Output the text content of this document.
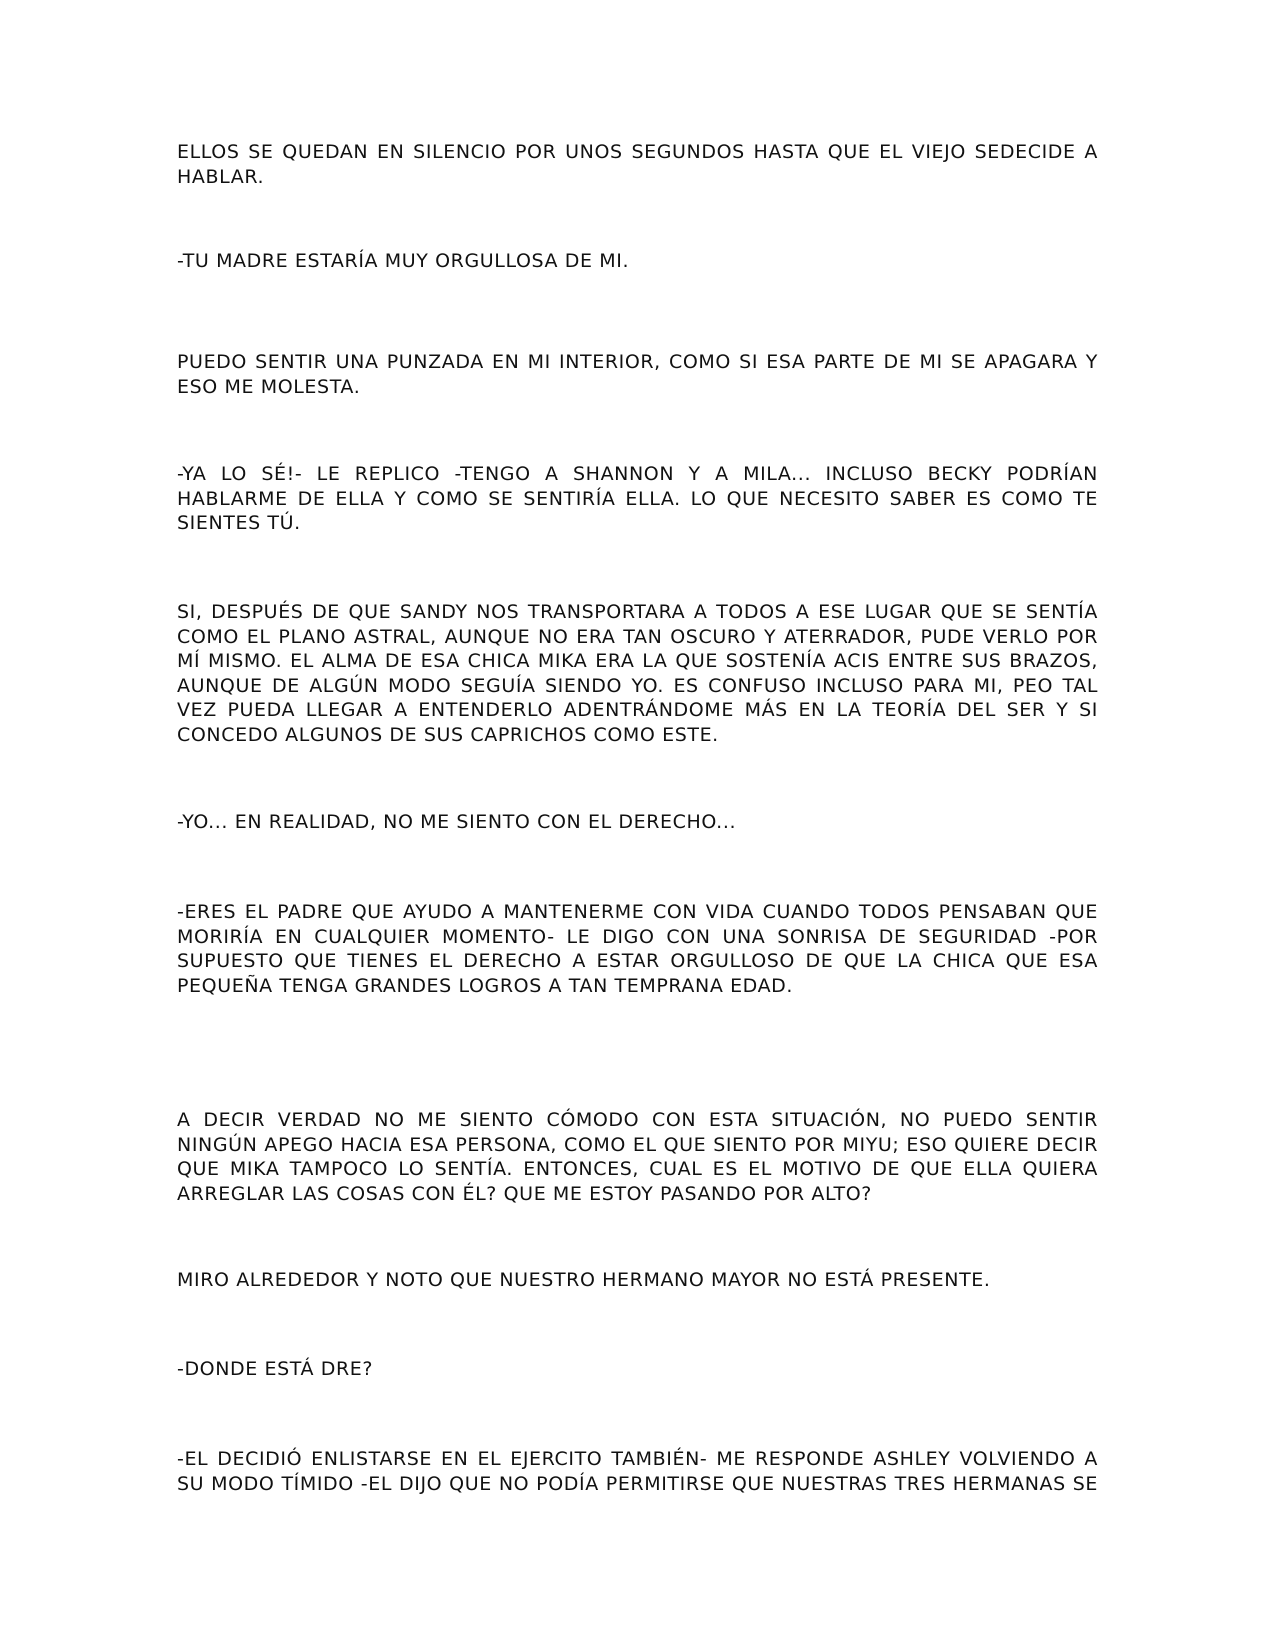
ELLOS SE QUEDAN EN SILENCIO POR UNOS SEGUNDOS HASTA QUE EL VIEJO SEDECIDE A HABLAR.

-TU MADRE ESTARÍA MUY ORGULLOSA DE MI.

PUEDO SENTIR UNA PUNZADA EN MI INTERIOR, COMO SI ESA PARTE DE MI SE APAGARA Y ESO ME MOLESTA.

-YA LO SÉ!- LE REPLICO -TENGO A SHANNON Y A MILA... INCLUSO BECKY PODRÍAN HABLARME DE ELLA Y COMO SE SENTIRÍA ELLA. LO QUE NECESITO SABER ES COMO TE SIENTES TÚ.

SI, DESPUÉS DE QUE SANDY NOS TRANSPORTARA A TODOS A ESE LUGAR QUE SE SENTÍA COMO EL PLANO ASTRAL, AUNQUE NO ERA TAN OSCURO Y ATERRADOR, PUDE VERLO POR MÍ MISMO. EL ALMA DE ESA CHICA MIKA ERA LA QUE SOSTENÍA ACIS ENTRE SUS BRAZOS, AUNQUE DE ALGÚN MODO SEGUÍA SIENDO YO. ES CONFUSO INCLUSO PARA MI, PEO TAL VEZ PUEDA LLEGAR A ENTENDERLO ADENTRÁNDOME MÁS EN LA TEORÍA DEL SER Y SI CONCEDO ALGUNOS DE SUS CAPRICHOS COMO ESTE.

-YO... EN REALIDAD, NO ME SIENTO CON EL DERECHO...

-ERES EL PADRE QUE AYUDO A MANTENERME CON VIDA CUANDO TODOS PENSABAN QUE MORIRÍA EN CUALQUIER MOMENTO- LE DIGO CON UNA SONRISA DE SEGURIDAD -POR SUPUESTO QUE TIENES EL DERECHO A ESTAR ORGULLOSO DE QUE LA CHICA QUE ESA PEQUEÑA TENGA GRANDES LOGROS A TAN TEMPRANA EDAD.

A DECIR VERDAD NO ME SIENTO CÓMODO CON ESTA SITUACIÓN, NO PUEDO SENTIR NINGÚN APEGO HACIA ESA PERSONA, COMO EL QUE SIENTO POR MIYU; ESO QUIERE DECIR QUE MIKA TAMPOCO LO SENTÍA. ENTONCES, CUAL ES EL MOTIVO DE QUE ELLA QUIERA ARREGLAR LAS COSAS CON ÉL? QUE ME ESTOY PASANDO POR ALTO?

MIRO ALREDEDOR Y NOTO QUE NUESTRO HERMANO MAYOR NO ESTÁ PRESENTE.

-DONDE ESTÁ DRE?

-EL DECIDIÓ ENLISTARSE EN EL EJERCITO TAMBIÉN- ME RESPONDE ASHLEY VOLVIENDO A SU MODO TÍMIDO -EL DIJO QUE NO PODÍA PERMITIRSE QUE NUESTRAS TRES HERMANAS SE
